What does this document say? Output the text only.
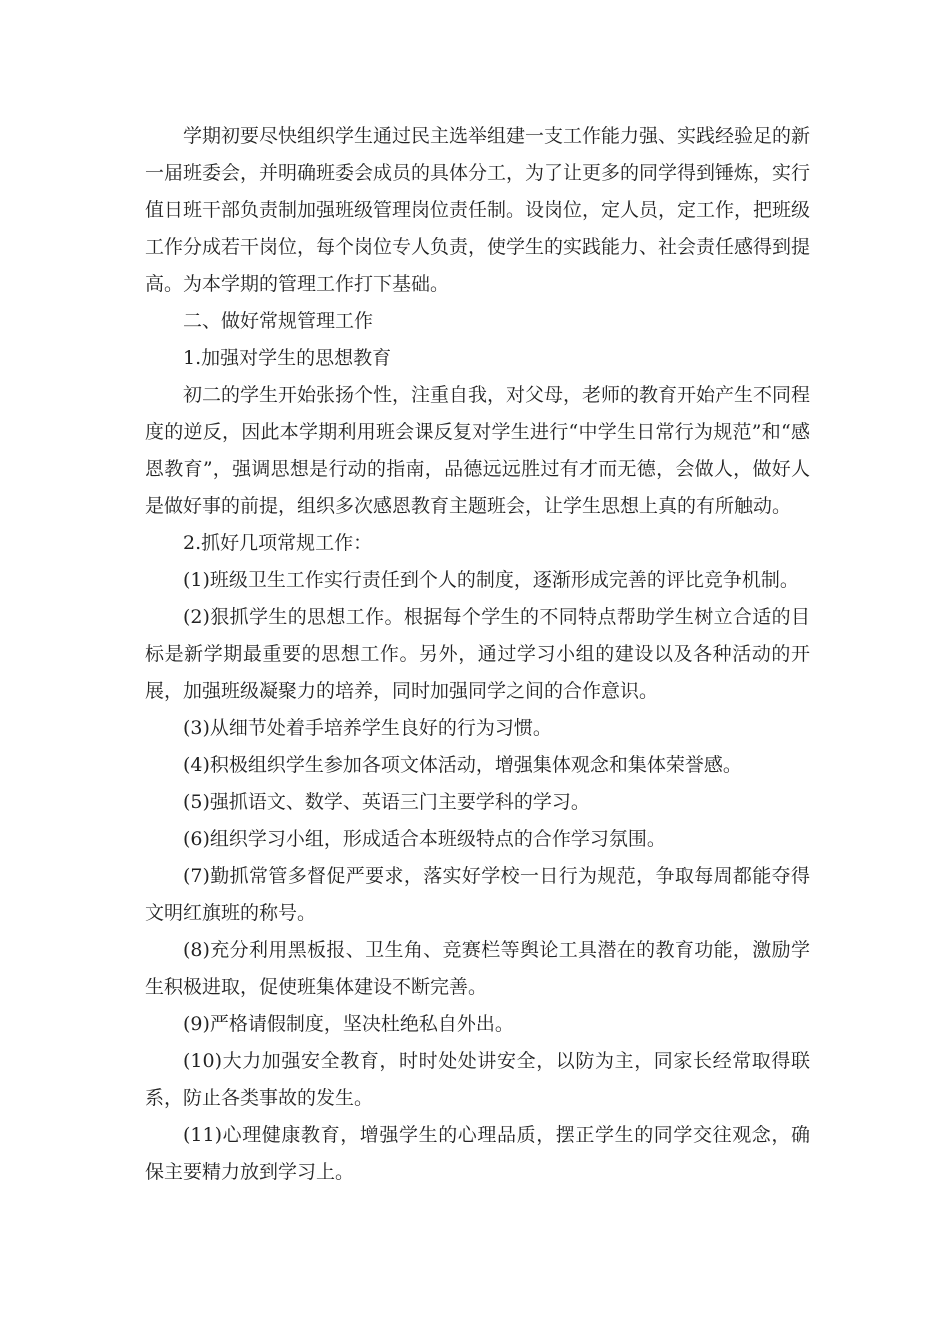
学期初要尽快组织学生通过民主选举组建一支工作能力强、实践经验足的新一届班委会，并明确班委会成员的具体分工，为了让更多的同学得到锤炼，实行值日班干部负责制加强班级管理岗位责任制。设岗位，定人员，定工作，把班级工作分成若干岗位，每个岗位专人负责，使学生的实践能力、社会责任感得到提高。为本学期的管理工作打下基础。

二、做好常规管理工作

1.加强对学生的思想教育

初二的学生开始张扬个性，注重自我，对父母，老师的教育开始产生不同程度的逆反，因此本学期利用班会课反复对学生进行“中学生日常行为规范”和“感恩教育”，强调思想是行动的指南，品德远远胜过有才而无德，会做人，做好人是做好事的前提，组织多次感恩教育主题班会，让学生思想上真的有所触动。

2.抓好几项常规工作：

(1)班级卫生工作实行责任到个人的制度，逐渐形成完善的评比竞争机制。

(2)狠抓学生的思想工作。根据每个学生的不同特点帮助学生树立合适的目标是新学期最重要的思想工作。另外，通过学习小组的建设以及各种活动的开展，加强班级凝聚力的培养，同时加强同学之间的合作意识。

(3)从细节处着手培养学生良好的行为习惯。

(4)积极组织学生参加各项文体活动，增强集体观念和集体荣誉感。

(5)强抓语文、数学、英语三门主要学科的学习。

(6)组织学习小组，形成适合本班级特点的合作学习氛围。

(7)勤抓常管多督促严要求，落实好学校一日行为规范，争取每周都能夺得文明红旗班的称号。

(8)充分利用黑板报、卫生角、竞赛栏等舆论工具潜在的教育功能，激励学生积极进取，促使班集体建设不断完善。

(9)严格请假制度，坚决杜绝私自外出。

(10)大力加强安全教育，时时处处讲安全，以防为主，同家长经常取得联系，防止各类事故的发生。

(11)心理健康教育，增强学生的心理品质，摆正学生的同学交往观念，确保主要精力放到学习上。
